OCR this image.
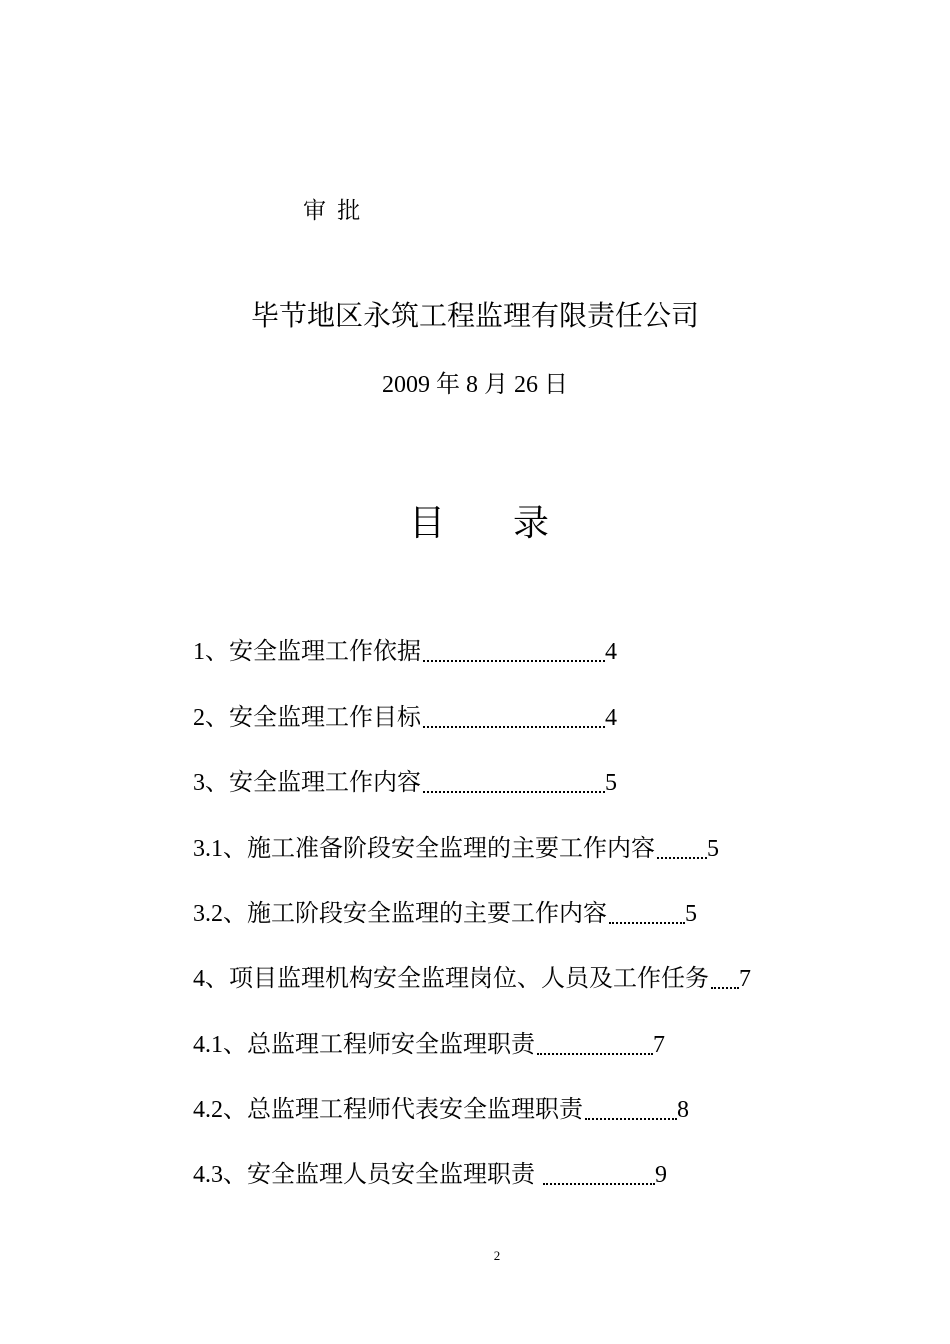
审 批
毕节地区永筑工程监理有限责任公司
2009 年 8 月 26 日
目 录
1、安全监理工作依据	4
2、安全监理工作目标	4
3、安全监理工作内容	5
3.1、施工准备阶段安全监理的主要工作内容 5
3.2、施工阶段安全监理的主要工作内容	5
4、项目监理机构安全监理岗位、人员及工作任务 7
4.1、总监理工程师安全监理职责	7
4.2、总监理工程师代表安全监理职责	8
4.3、安全监理人员安全监理职责	9
2
